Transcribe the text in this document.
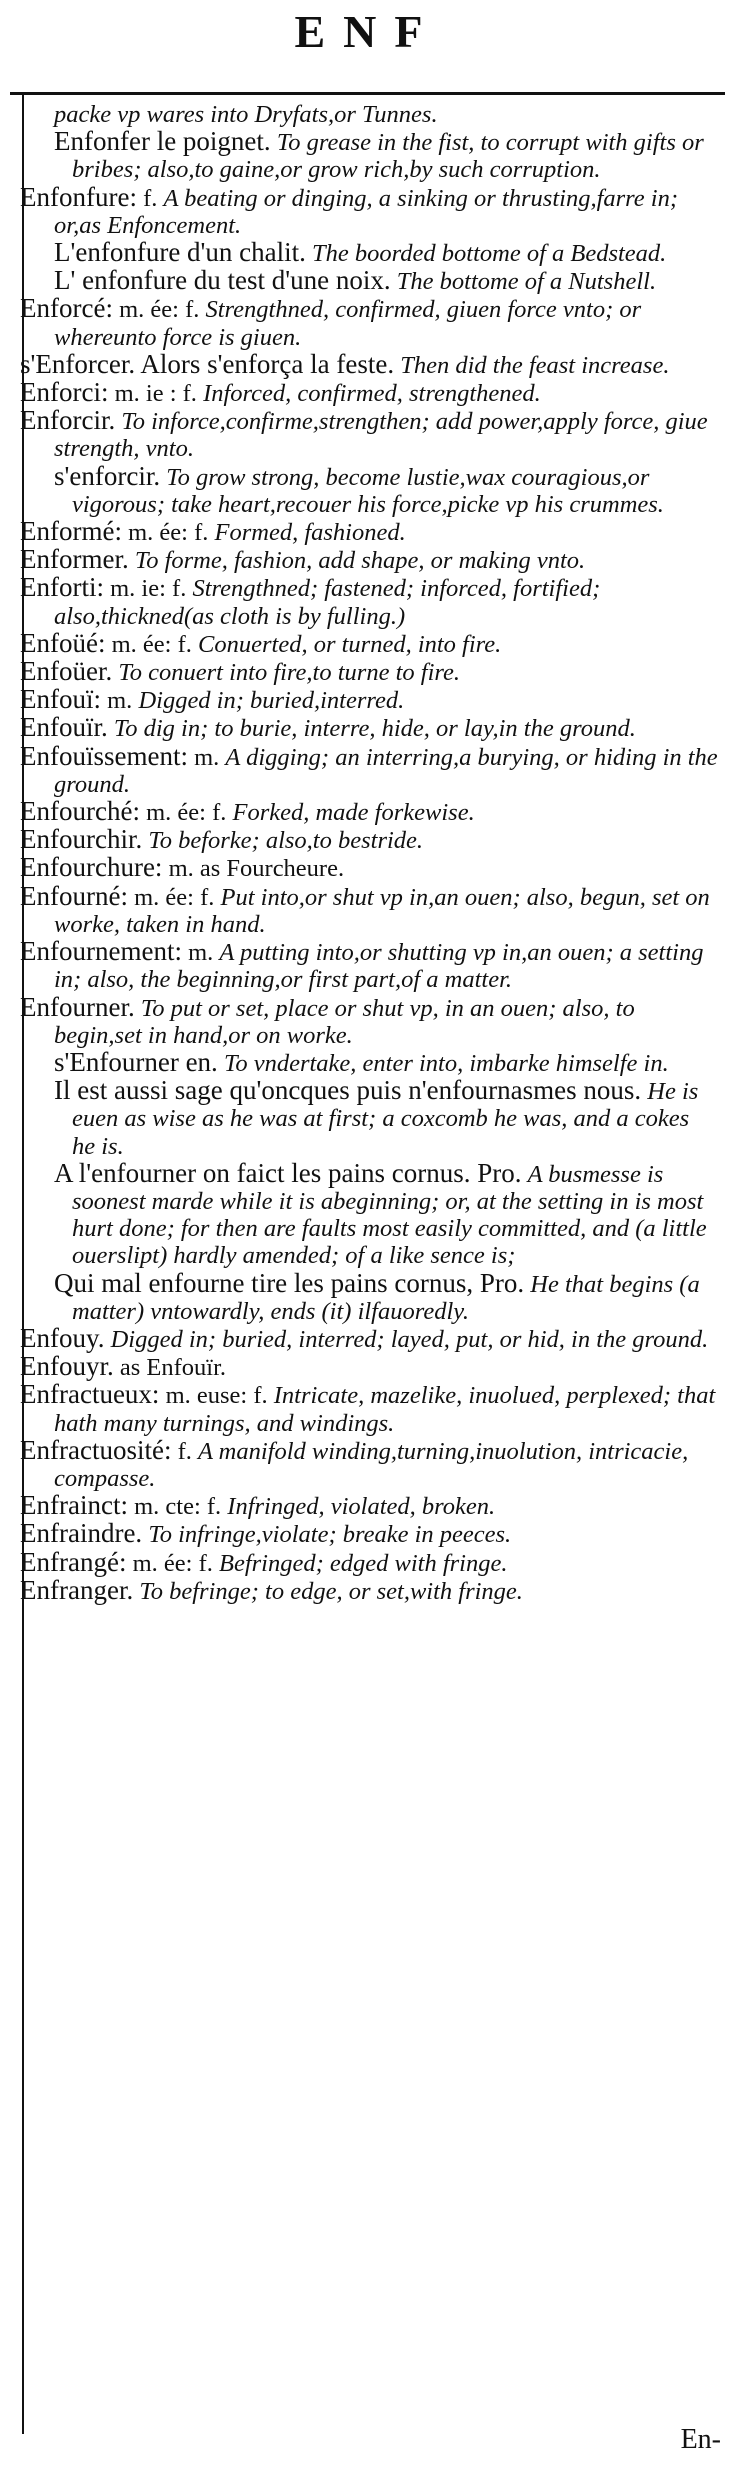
ENF

packe vp wares into Dryfats,or Tunnes.

Enfonfer le poignet. To grease in the fist, to corrupt with gifts or bribes; also,to gaine,or grow rich,by such corruption.

Enfonfure: f. A beating or dinging, a sinking or thrusting,farre in; or,as Enfoncement.

L'enfonfure d'un chalit. The boorded bottome of a Bedstead.

L' enfonfure du test d'une noix. The bottome of a Nutshell.

Enforcé: m. ée: f. Strengthned, confirmed, giuen force vnto; or whereunto force is giuen.

s'Enforcer. Alors s'enforça la feste. Then did the feast increase.

Enforci: m. ie : f. Inforced, confirmed, strengthened.

Enforcir. To inforce,confirme,strengthen; add power,apply force, giue strength, vnto.

s'enforcir. To grow strong, become lustie,wax couragious,or vigorous; take heart,recouer his force,picke vp his crummes.

Enformé: m. ée: f. Formed, fashioned.

Enformer. To forme, fashion, add shape, or making vnto.

Enforti: m. ie: f. Strengthned; fastened; inforced, fortified; also,thickned(as cloth is by fulling.)

Enfoüé: m. ée: f. Conuerted, or turned, into fire.

Enfoüer. To conuert into fire,to turne to fire.

Enfouï: m. Digged in; buried,interred.

Enfouïr. To dig in; to burie, interre, hide, or lay,in the ground.

Enfouïssement: m. A digging; an interring,a burying, or hiding in the ground.

Enfourché: m. ée: f. Forked, made forkewise.

Enfourchir. To beforke; also,to bestride.

Enfourchure: m. as Fourcheure.

Enfourné: m. ée: f. Put into,or shut vp in,an ouen; also, begun, set on worke, taken in hand.

Enfournement: m. A putting into,or shutting vp in,an ouen; a setting in; also, the beginning,or first part,of a matter.

Enfourner. To put or set, place or shut vp, in an ouen; also, to begin,set in hand,or on worke.

s'Enfourner en. To vndertake, enter into, imbarke himselfe in.

Il est aussi sage qu'oncques puis n'enfournasmes nous. He is euen as wise as he was at first; a coxcomb he was, and a cokes he is.

A l'enfourner on faict les pains cornus. Pro. A busmesse is soonest marde while it is abeginning; or, at the setting in is most hurt done; for then are faults most easily committed, and (a little ouerslipt) hardly amended; of a like sence is;

Qui mal enfourne tire les pains cornus, Pro. He that begins (a matter) vntowardly, ends (it) ilfauoredly.

Enfouy. Digged in; buried, interred; layed, put, or hid, in the ground.

Enfouyr. as Enfouïr.

Enfractueux: m. euse: f. Intricate, mazelike, inuolued, perplexed; that hath many turnings, and windings.

Enfractuosité: f. A manifold winding,turning,inuolution, intricacie, compasse.

Enfrainct: m. cte: f. Infringed, violated, broken.

Enfraindre. To infringe,violate; breake in peeces.

Enfrangé: m. ée: f. Befringed; edged with fringe.

Enfranger. To befringe; to edge, or set,with fringe.

En-
